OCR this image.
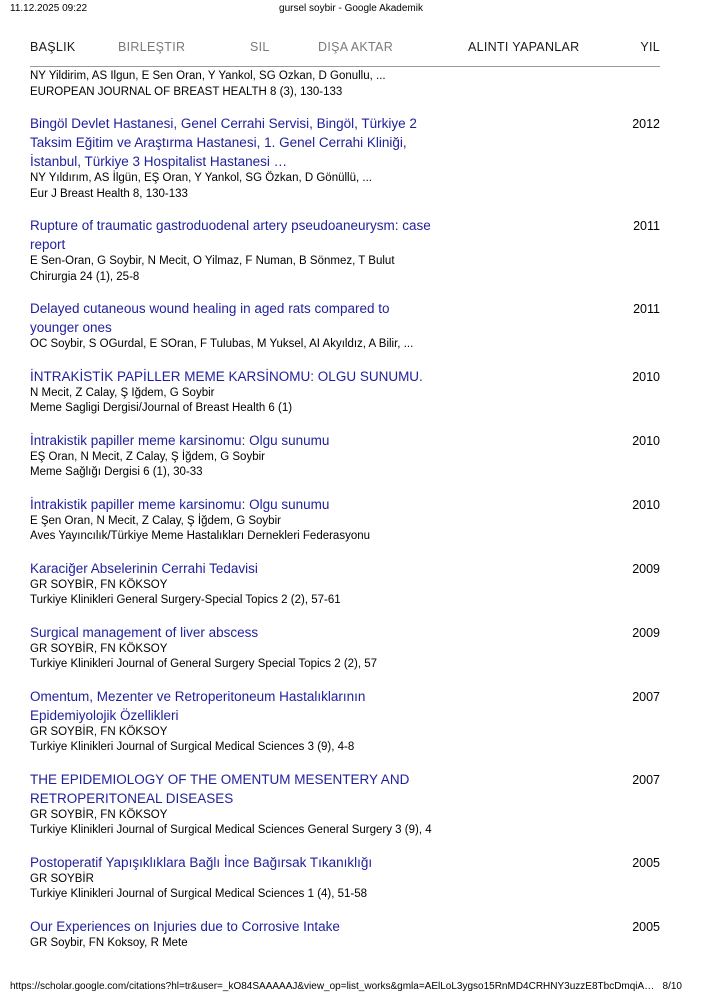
11.12.2025 09:22	gursel soybir - Google Akademik
BAŞLIK	BIRLEŞTIR	SIL	DIŞA AKTAR	ALINTI YAPANLAR	YIL
NY Yildirim, AS Ilgun, E Sen Oran, Y Yankol, SG Ozkan, D Gonullu, ...
EUROPEAN JOURNAL OF BREAST HEALTH 8 (3), 130-133
Bingöl Devlet Hastanesi, Genel Cerrahi Servisi, Bingöl, Türkiye 2
Taksim Eğitim ve Araştırma Hastanesi, 1. Genel Cerrahi Kliniği,
İstanbul, Türkiye 3 Hospitalist Hastanesi …
NY Yıldırım, AS İlgün, EŞ Oran, Y Yankol, SG Özkan, D Gönüllü, ...
Eur J Breast Health 8, 130-133
2012
Rupture of traumatic gastroduodenal artery pseudoaneurysm: case
report
E Sen-Oran, G Soybir, N Mecit, O Yilmaz, F Numan, B Sönmez, T Bulut
Chirurgia 24 (1), 25-8
2011
Delayed cutaneous wound healing in aged rats compared to
younger ones
OC Soybir, S OGurdal, E SOran, F Tulubas, M Yuksel, AI Akyıldız, A Bilir, ...
2011
İNTRAKİSTİK PAPİLLER MEME KARSİNOMU: OLGU SUNUMU.
N Mecit, Z Calay, Ş Iğdem, G Soybir
Meme Sagligi Dergisi/Journal of Breast Health 6 (1)
2010
İntrakistik papiller meme karsinomu: Olgu sunumu
EŞ Oran, N Mecit, Z Calay, Ş İğdem, G Soybir
Meme Sağlığı Dergisi 6 (1), 30-33
2010
İntrakistik papiller meme karsinomu: Olgu sunumu
E Şen Oran, N Mecit, Z Calay, Ş İğdem, G Soybir
Aves Yayıncılık/Türkiye Meme Hastalıkları Dernekleri Federasyonu
2010
Karaciğer Abselerinin Cerrahi Tedavisi
GR SOYBİR, FN KÖKSOY
Turkiye Klinikleri General Surgery-Special Topics 2 (2), 57-61
2009
Surgical management of liver abscess
GR SOYBİR, FN KÖKSOY
Turkiye Klinikleri Journal of General Surgery Special Topics 2 (2), 57
2009
Omentum, Mezenter ve Retroperitoneum Hastalıklarının
Epidemiyolojik Özellikleri
GR SOYBİR, FN KÖKSOY
Turkiye Klinikleri Journal of Surgical Medical Sciences 3 (9), 4-8
2007
THE EPIDEMIOLOGY OF THE OMENTUM MESENTERY AND
RETROPERITONEAL DISEASES
GR SOYBİR, FN KÖKSOY
Turkiye Klinikleri Journal of Surgical Medical Sciences General Surgery 3 (9), 4
2007
Postoperatif Yapışıklıklara Bağlı İnce Bağırsak Tıkanıklığı
GR SOYBİR
Turkiye Klinikleri Journal of Surgical Medical Sciences 1 (4), 51-58
2005
Our Experiences on Injuries due to Corrosive Intake
GR Soybir, FN Koksoy, R Mete
2005
https://scholar.google.com/citations?hl=tr&user=_kO84SAAAAAJ&view_op=list_works&gmla=AElLoL3ygso15RnMD4CRHNY3uzzE8TbcDmqiA… 8/10
